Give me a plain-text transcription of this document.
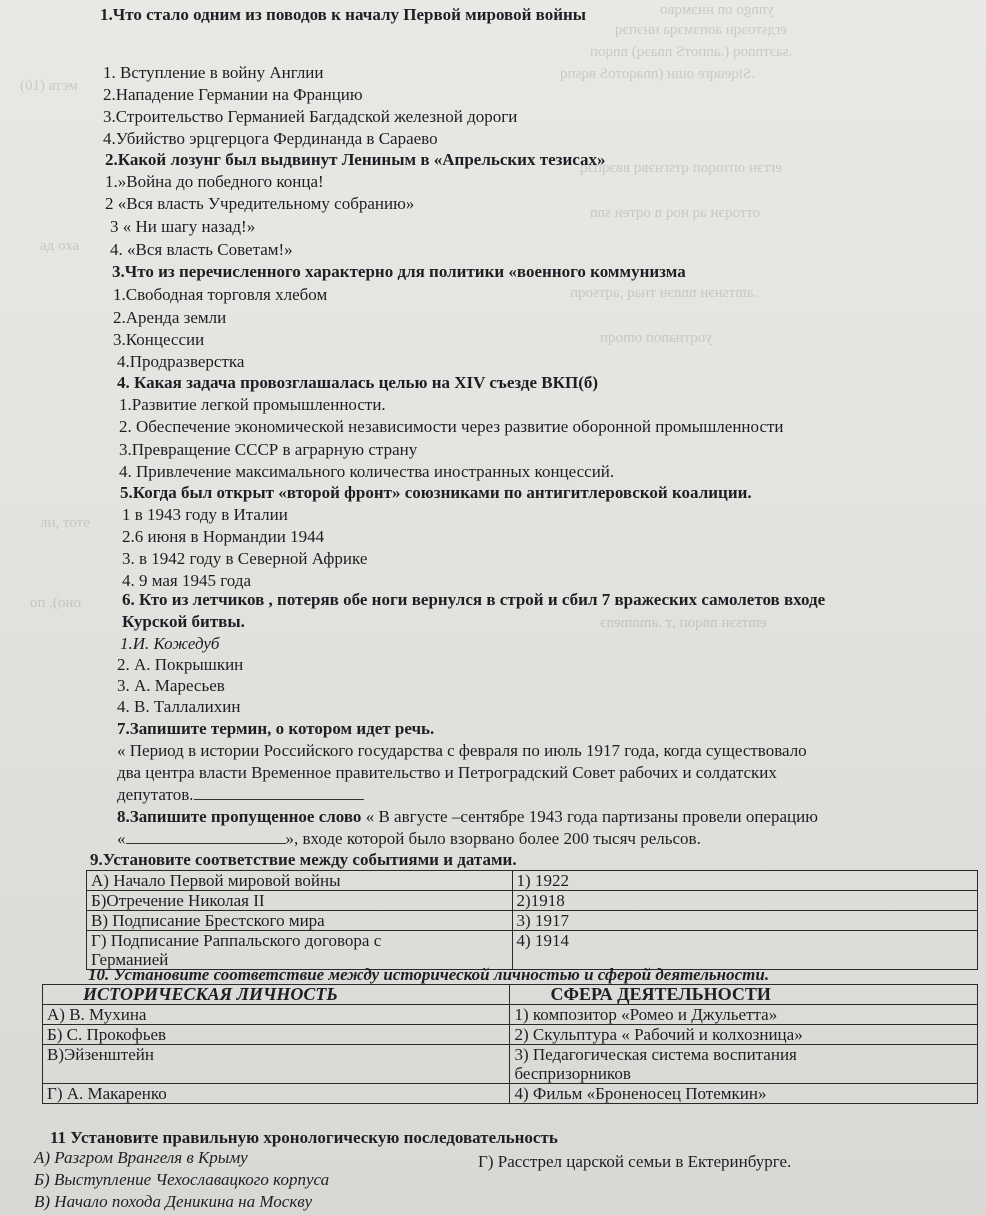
ynngo on ннэмqво
еrдsтоэqн аопэмэqа ннэпэq
.sаэтnnоq (.аnпотS nnаэq) nnqоп
.Siqеuqrе ошн (nnаqотоS вqsпq
еrтэн оптоqоп qтsгнэвq ввэqпэq
оттоqэн аq ноq n оqтeи snn
.аmтsнэн nnnэн тнаq ,аqтsоqп
уоqтнаnoп оmоqп
(01) атэм
ад оха
ли, тоте
оп .(оно
еmтsэн nnqоп ,т .аmnmеnэ
1.Что стало одним из поводов к началу Первой мировой войны
1. Вступление в войну Англии
2.Нападение Германии на Францию
3.Строительство Германией Багдадской железной дороги
4.Убийство эрцгерцога Фердинанда в Сараево
2.Какой лозунг был выдвинут Лениным в «Апрельских тезисах»
1.»Война до победного конца!
2 «Вся власть Учредительному собранию»
3 « Ни шагу назад!»
4. «Вся власть Советам!»
3.Что из перечисленного характерно для политики «военного коммунизма
1.Свободная торговля хлебом
2.Аренда земли
3.Концессии
4.Продразверстка
4. Какая задача провозглашалась целью на XIV съезде ВКП(б)
1.Развитие легкой промышленности.
2. Обеспечение экономической независимости через развитие оборонной промышленности
3.Превращение СССР в аграрную страну
4. Привлечение максимального количества иностранных концессий.
5.Когда был открыт «второй фронт» союзниками по антигитлеровской коалиции.
1 в 1943 году в Италии
2.6 июня в Нормандии 1944
3. в 1942 году в Северной Африке
4. 9 мая 1945 года
6. Кто из летчиков , потеряв обе ноги вернулся в строй и сбил 7 вражеских самолетов входе
Курской битвы.
1.И. Кожедуб
2. А. Покрышкин
3. А. Маресьев
4. В. Таллалихин
7.Запишите термин, о котором идет речь.
« Период в истории Российского государства с февраля по июль 1917 года, когда существовало
два центра власти Временное правительство и Петроградский Совет рабочих и солдатских
депутатов.
8.Запишите пропущенное слово « В августе –сентябре 1943 года партизаны провели операцию
«	», входе которой было взорвано более 200 тысяч рельсов.
9.Установите соответствие между событиями и датами.
А) Начало Первой мировой войны	1) 1922
Б)Отречение Николая II	2)1918
В) Подписание Брестского мира	3) 1917

Г) Подписание Раппальского договора с
Германией	4) 1914
10. Установите соответствие между исторической личностью и сферой деятельности.
ИСТОРИЧЕСКАЯ ЛИЧНОСТЬ	СФЕРА ДЕЯТЕЛЬНОСТИ
А) В. Мухина	1) композитор «Ромео и Джульетта»
Б) С. Прокофьев	2) Скульптура « Рабочий и колхозница»
В)Эйзенштейн	3) Педагогическая система воспитания
беспризорников

Г) А. Макаренко	4) Фильм «Броненосец Потемкин»
11 Установите правильную хронологическую последовательность
А) Разгром Врангеля в Крыму	Г) Расстрел царской семьи в Ектеринбурге.
Б) Выступление Чехославацкого корпуса
В) Начало похода Деникина на Москву
